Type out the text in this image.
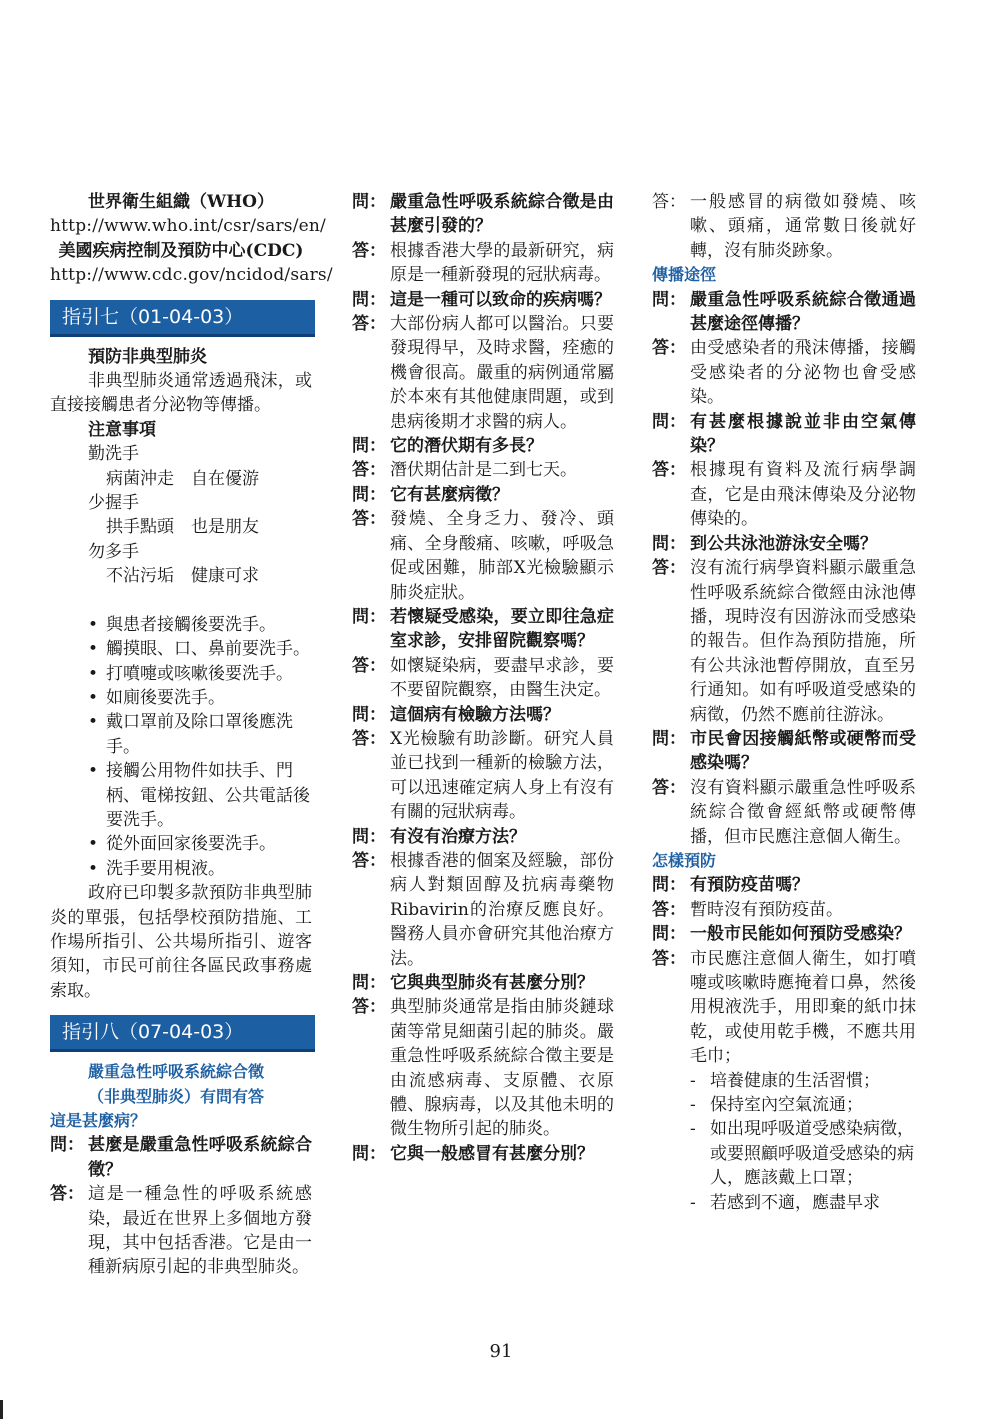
世界衛生組織（WHO）

http://www.who.int/csr/sars/en/

美國疾病控制及預防中心(CDC)

http://www.cdc.gov/ncidod/sars/

指引七（01-04-03）

預防非典型肺炎

非典型肺炎通常透過飛沫，或直接接觸患者分泌物等傳播。

注意事項

勤洗手

病菌沖走　自在優游

少握手

拱手點頭　也是朋友

勿多手

不沾污垢　健康可求

• 與患者接觸後要洗手。
• 觸摸眼、口、鼻前要洗手。
• 打噴嚏或咳嗽後要洗手。
• 如廁後要洗手。
• 戴口罩前及除口罩後應洗手。
• 接觸公用物件如扶手、門柄、電梯按鈕、公共電話後要洗手。
• 從外面回家後要洗手。
• 洗手要用梘液。

政府已印製多款預防非典型肺炎的單張，包括學校預防措施、工作場所指引、公共場所指引、遊客須知，市民可前往各區民政事務處索取。

指引八（07-04-03）

嚴重急性呼吸系統綜合徵

（非典型肺炎）有問有答

這是甚麼病？

問： 甚麼是嚴重急性呼吸系統綜合徵？
答： 這是一種急性的呼吸系統感染，最近在世界上多個地方發現，其中包括香港。它是由一種新病原引起的非典型肺炎。
問： 嚴重急性呼吸系統綜合徵是由甚麼引發的？
答： 根據香港大學的最新研究，病原是一種新發現的冠狀病毒。
問： 這是一種可以致命的疾病嗎？
答： 大部份病人都可以醫治。只要發現得早，及時求醫，痊癒的機會很高。嚴重的病例通常屬於本來有其他健康問題，或到患病後期才求醫的病人。
問： 它的潛伏期有多長？
答： 潛伏期估計是二到七天。
問： 它有甚麼病徵？
答： 發燒、全身乏力、發冷、頭痛、全身酸痛、咳嗽，呼吸急促或困難，肺部X光檢驗顯示肺炎症狀。
問： 若懷疑受感染，要立即往急症室求診，安排留院觀察嗎？
答： 如懷疑染病，要盡早求診，要不要留院觀察，由醫生決定。
問： 這個病有檢驗方法嗎？
答： X光檢驗有助診斷。研究人員並已找到一種新的檢驗方法，可以迅速確定病人身上有沒有有關的冠狀病毒。
問： 有沒有治療方法？
答： 根據香港的個案及經驗，部份病人對類固醇及抗病毒藥物Ribavirin的治療反應良好。醫務人員亦會研究其他治療方法。
問： 它與典型肺炎有甚麼分別？
答： 典型肺炎通常是指由肺炎鏈球菌等常見細菌引起的肺炎。嚴重急性呼吸系統綜合徵主要是由流感病毒、支原體、衣原體、腺病毒，以及其他未明的微生物所引起的肺炎。
問： 它與一般感冒有甚麼分別？
答： 一般感冒的病徵如發燒、咳嗽、頭痛，通常數日後就好轉，沒有肺炎跡象。

傳播途徑

問： 嚴重急性呼吸系統綜合徵通過甚麼途徑傳播？
答： 由受感染者的飛沫傳播，接觸受感染者的分泌物也會受感染。
問： 有甚麼根據說並非由空氣傳染？
答： 根據現有資料及流行病學調查，它是由飛沫傳染及分泌物傳染的。
問： 到公共泳池游泳安全嗎？
答： 沒有流行病學資料顯示嚴重急性呼吸系統綜合徵經由泳池傳播，現時沒有因游泳而受感染的報告。但作為預防措施，所有公共泳池暫停開放，直至另行通知。如有呼吸道受感染的病徵，仍然不應前往游泳。
問： 市民會因接觸紙幣或硬幣而受感染嗎？
答： 沒有資料顯示嚴重急性呼吸系統綜合徵會經紙幣或硬幣傳播，但市民應注意個人衛生。

怎樣預防

問： 有預防疫苗嗎？
答： 暫時沒有預防疫苗。
問： 一般市民能如何預防受感染？
答： 市民應注意個人衛生，如打噴嚏或咳嗽時應掩着口鼻，然後用梘液洗手，用即棄的紙巾抹乾，或使用乾手機，不應共用毛巾；
- 培養健康的生活習慣；
- 保持室內空氣流通；
- 如出現呼吸道受感染病徵，或要照顧呼吸道受感染的病人，應該戴上口罩；
- 若感到不適，應盡早求
91
